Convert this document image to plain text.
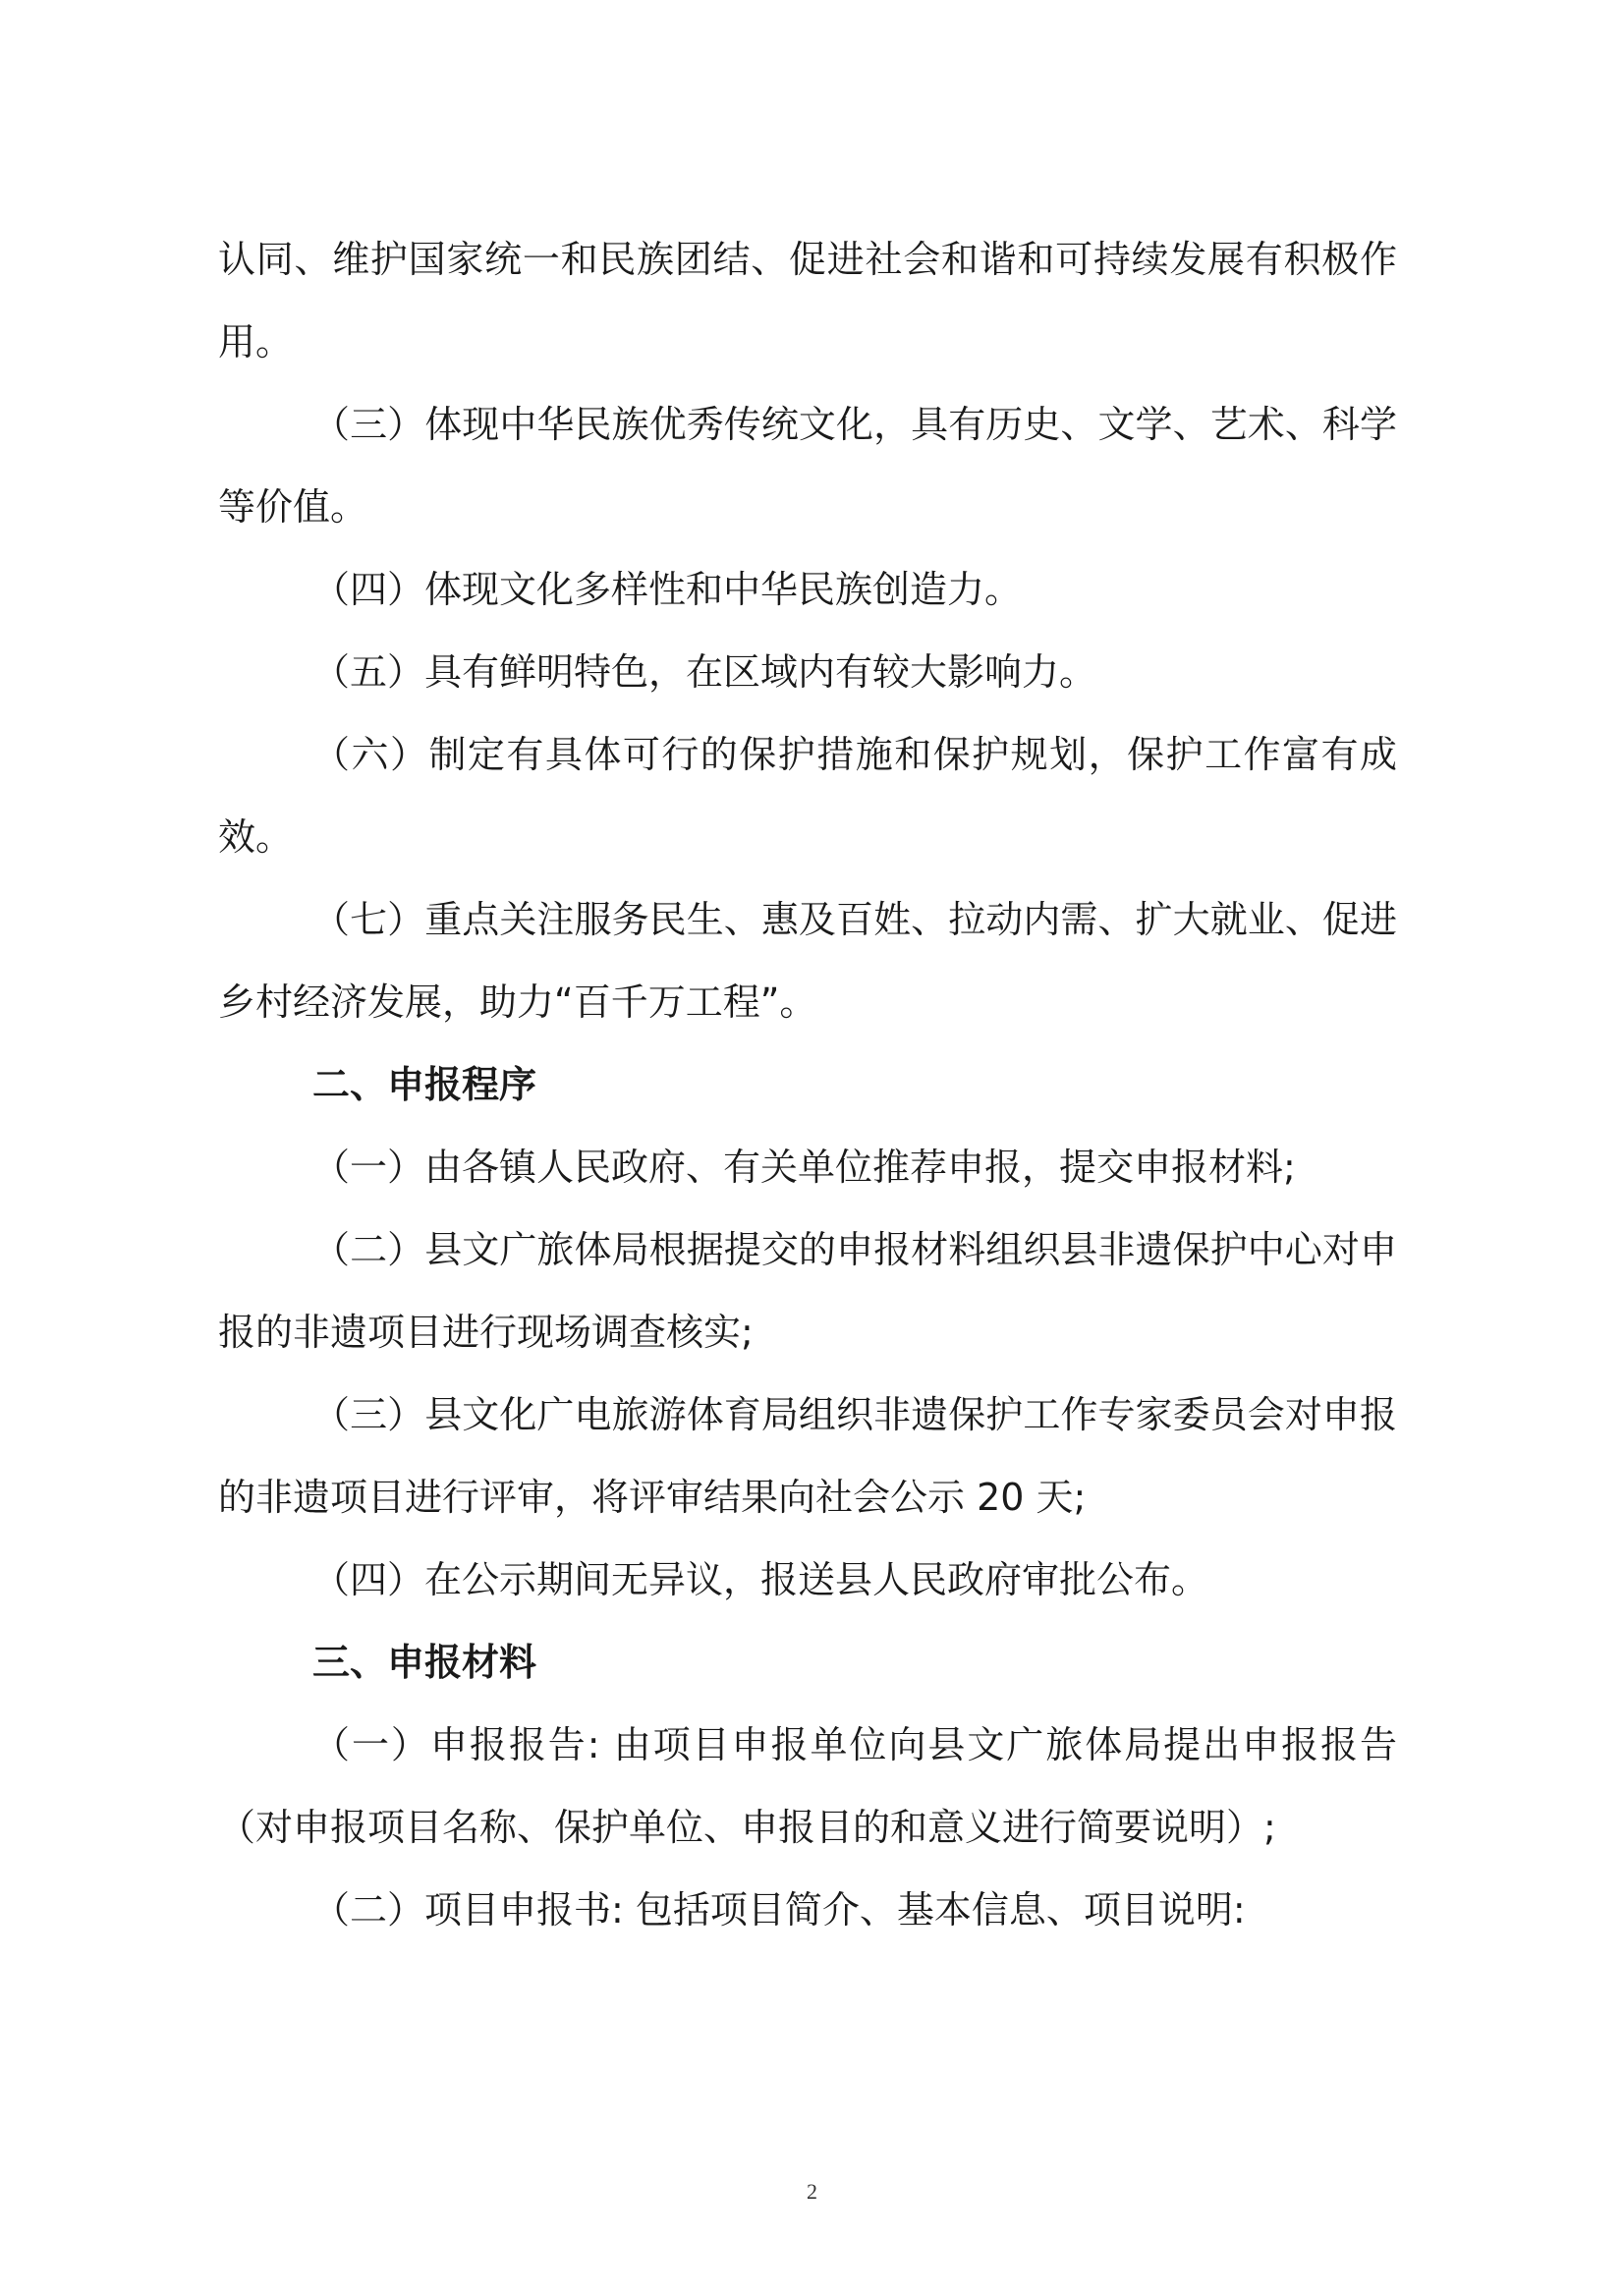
认同、维护国家统一和民族团结、促进社会和谐和可持续发展有积极作用。

（三）体现中华民族优秀传统文化，具有历史、文学、艺术、科学等价值。

（四）体现文化多样性和中华民族创造力。

（五）具有鲜明特色，在区域内有较大影响力。

（六）制定有具体可行的保护措施和保护规划，保护工作富有成效。

（七）重点关注服务民生、惠及百姓、拉动内需、扩大就业、促进乡村经济发展，助力“百千万工程”。

二、申报程序

（一）由各镇人民政府、有关单位推荐申报，提交申报材料;

（二）县文广旅体局根据提交的申报材料组织县非遗保护中心对申报的非遗项目进行现场调查核实;

（三）县文化广电旅游体育局组织非遗保护工作专家委员会对申报的非遗项目进行评审，将评审结果向社会公示 20 天;

（四）在公示期间无异议，报送县人民政府审批公布。

三、申报材料

（一）申报报告: 由项目申报单位向县文广旅体局提出申报报告（对申报项目名称、保护单位、申报目的和意义进行简要说明）;

（二）项目申报书: 包括项目简介、基本信息、项目说明:

2
